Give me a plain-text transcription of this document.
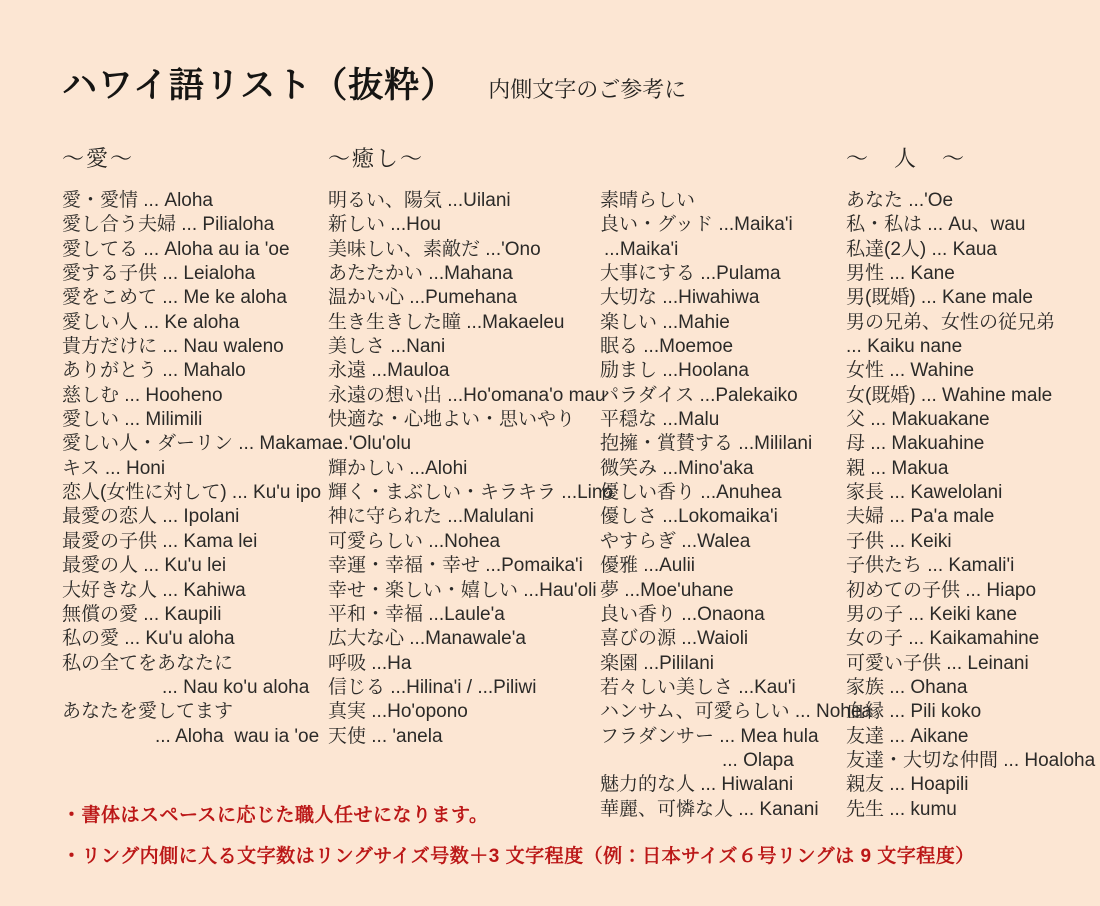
ハワイ語リスト（抜粋） 内側文字のご参考に
〜愛〜
愛・愛情 ... Aloha
愛し合う夫婦 ... Pilialoha
愛してる ... Aloha au ia 'oe
愛する子供 ... Leialoha
愛をこめて ... Me ke aloha
愛しい人 ... Ke aloha
貴方だけに ... Nau waleno
ありがとう ... Mahalo
慈しむ ... Hooheno
愛しい ... Milimili
愛しい人・ダーリン ... Makamae
キス ... Honi
恋人(女性に対して) ... Ku'u ipo
最愛の恋人 ... Ipolani
最愛の子供 ... Kama lei
最愛の人 ... Ku'u lei
大好きな人 ... Kahiwa
無償の愛 ... Kaupili
私の愛 ... Ku'u aloha
私の全てをあなたに
... Nau ko'u aloha
あなたを愛してます
... Aloha  wau ia 'oe
〜癒し〜
明るい、陽気 ...Uilani
新しい ...Hou
美味しい、素敵だ ...'Ono
あたたかい ...Mahana
温かい心 ...Pumehana
生き生きした瞳 ...Makaeleu
美しさ ...Nani
永遠 ...Mauloa
永遠の想い出 ...Ho'omana'o mau
快適な・心地よい・思いやり
...'Olu'olu
輝かしい ...Alohi
輝く・まぶしい・キラキラ ...Lino
神に守られた ...Malulani
可愛らしい ...Nohea
幸運・幸福・幸せ ...Pomaika'i
幸せ・楽しい・嬉しい ...Hau'oli
平和・幸福 ...Laule'a
広大な心 ...Manawale'a
呼吸 ...Ha
信じる ...Hilina'i / ...Piliwi
真実 ...Ho'opono
天使 ... 'anela
素晴らしい
良い・グッド ...Maika'i
...Maika'i
大事にする ...Pulama
大切な ...Hiwahiwa
楽しい ...Mahie
眠る ...Moemoe
励まし ...Hoolana
パラダイス ...Palekaiko
平穏な ...Malu
抱擁・賞賛する ...Mililani
微笑み ...Mino'aka
優しい香り ...Anuhea
優しさ ...Lokomaika'i
やすらぎ ...Walea
優雅 ...Aulii
夢 ...Moe'uhane
良い香り ...Onaona
喜びの源 ...Waioli
楽園 ...Pililani
若々しい美しさ ...Kau'i
ハンサム、可愛らしい ... Nohea
フラダンサー ... Mea hula
... Olapa
魅力的な人 ... Hiwalani
華麗、可憐な人 ... Kanani
〜　人　〜
あなた ...'Oe
私・私は ... Au、wau
私達(2人) ... Kaua
男性 ... Kane
男(既婚) ... Kane male
男の兄弟、女性の従兄弟
... Kaiku nane
女性 ... Wahine
女(既婚) ... Wahine male
父 ... Makuakane
母 ... Makuahine
親 ... Makua
家長 ... Kawelolani
夫婦 ... Pa'a male
子供 ... Keiki
子供たち ... Kamali'i
初めての子供 ... Hiapo
男の子 ... Keiki kane
女の子 ... Kaikamahine
可愛い子供 ... Leinani
家族 ... Ohana
血縁 ... Pili koko
友達 ... Aikane
友達・大切な仲間 ... Hoaloha
親友 ... Hoapili
先生 ... kumu
・書体はスペースに応じた職人任せになります。
・リング内側に入る文字数はリングサイズ号数＋3 文字程度（例：日本サイズ６号リングは 9 文字程度）
